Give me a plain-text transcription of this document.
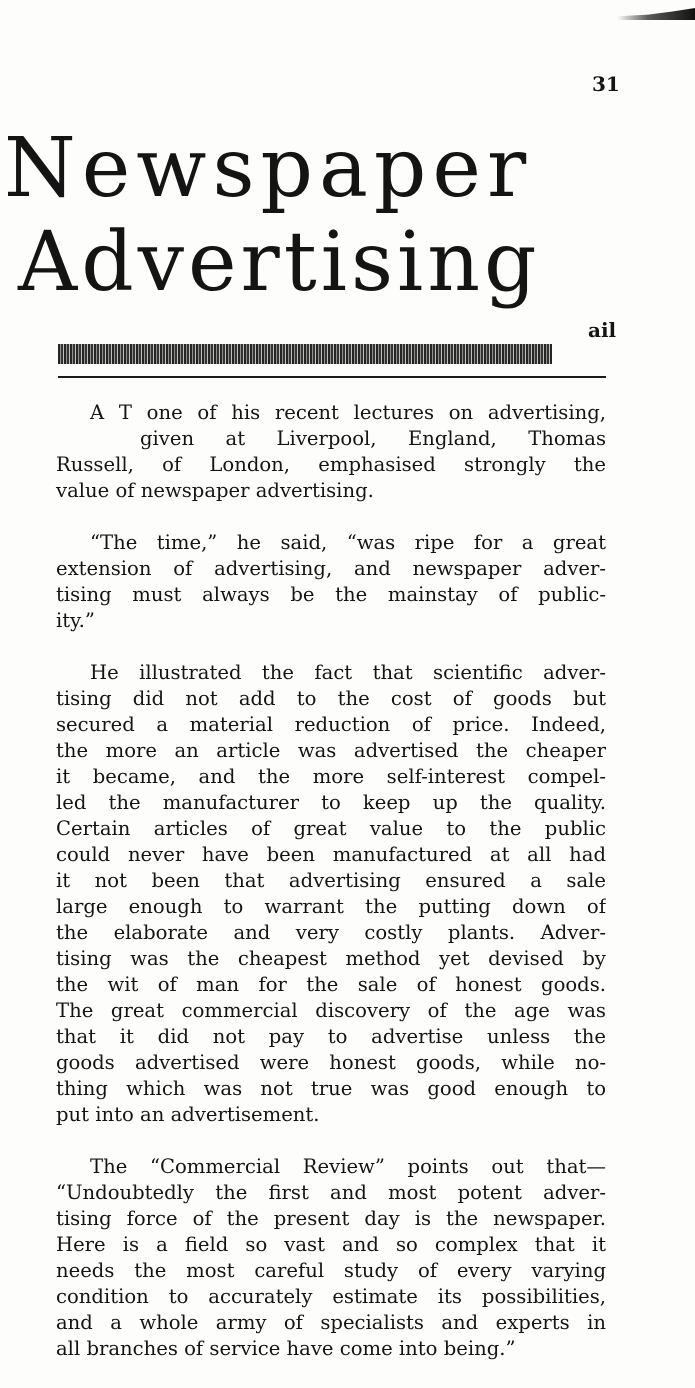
31
Newspaper
Advertising
ail
A T one of his recent lectures on advertising,
given at Liverpool, England, Thomas
Russell, of London, emphasised strongly the
value of newspaper advertising.
“The time,” he said, “was ripe for a great
extension of advertising, and newspaper adver-
tising must always be the mainstay of public-
ity.”
He illustrated the fact that scientific adver-
tising did not add to the cost of goods but
secured a material reduction of price. Indeed,
the more an article was advertised the cheaper
it became, and the more self-interest compel-
led the manufacturer to keep up the quality.
Certain articles of great value to the public
could never have been manufactured at all had
it not been that advertising ensured a sale
large enough to warrant the putting down of
the elaborate and very costly plants. Adver-
tising was the cheapest method yet devised by
the wit of man for the sale of honest goods.
The great commercial discovery of the age was
that it did not pay to advertise unless the
goods advertised were honest goods, while no-
thing which was not true was good enough to
put into an advertisement.
The “Commercial Review” points out that—
“Undoubtedly the first and most potent adver-
tising force of the present day is the newspaper.
Here is a field so vast and so complex that it
needs the most careful study of every varying
condition to accurately estimate its possibilities,
and a whole army of specialists and experts in
all branches of service have come into being.”
